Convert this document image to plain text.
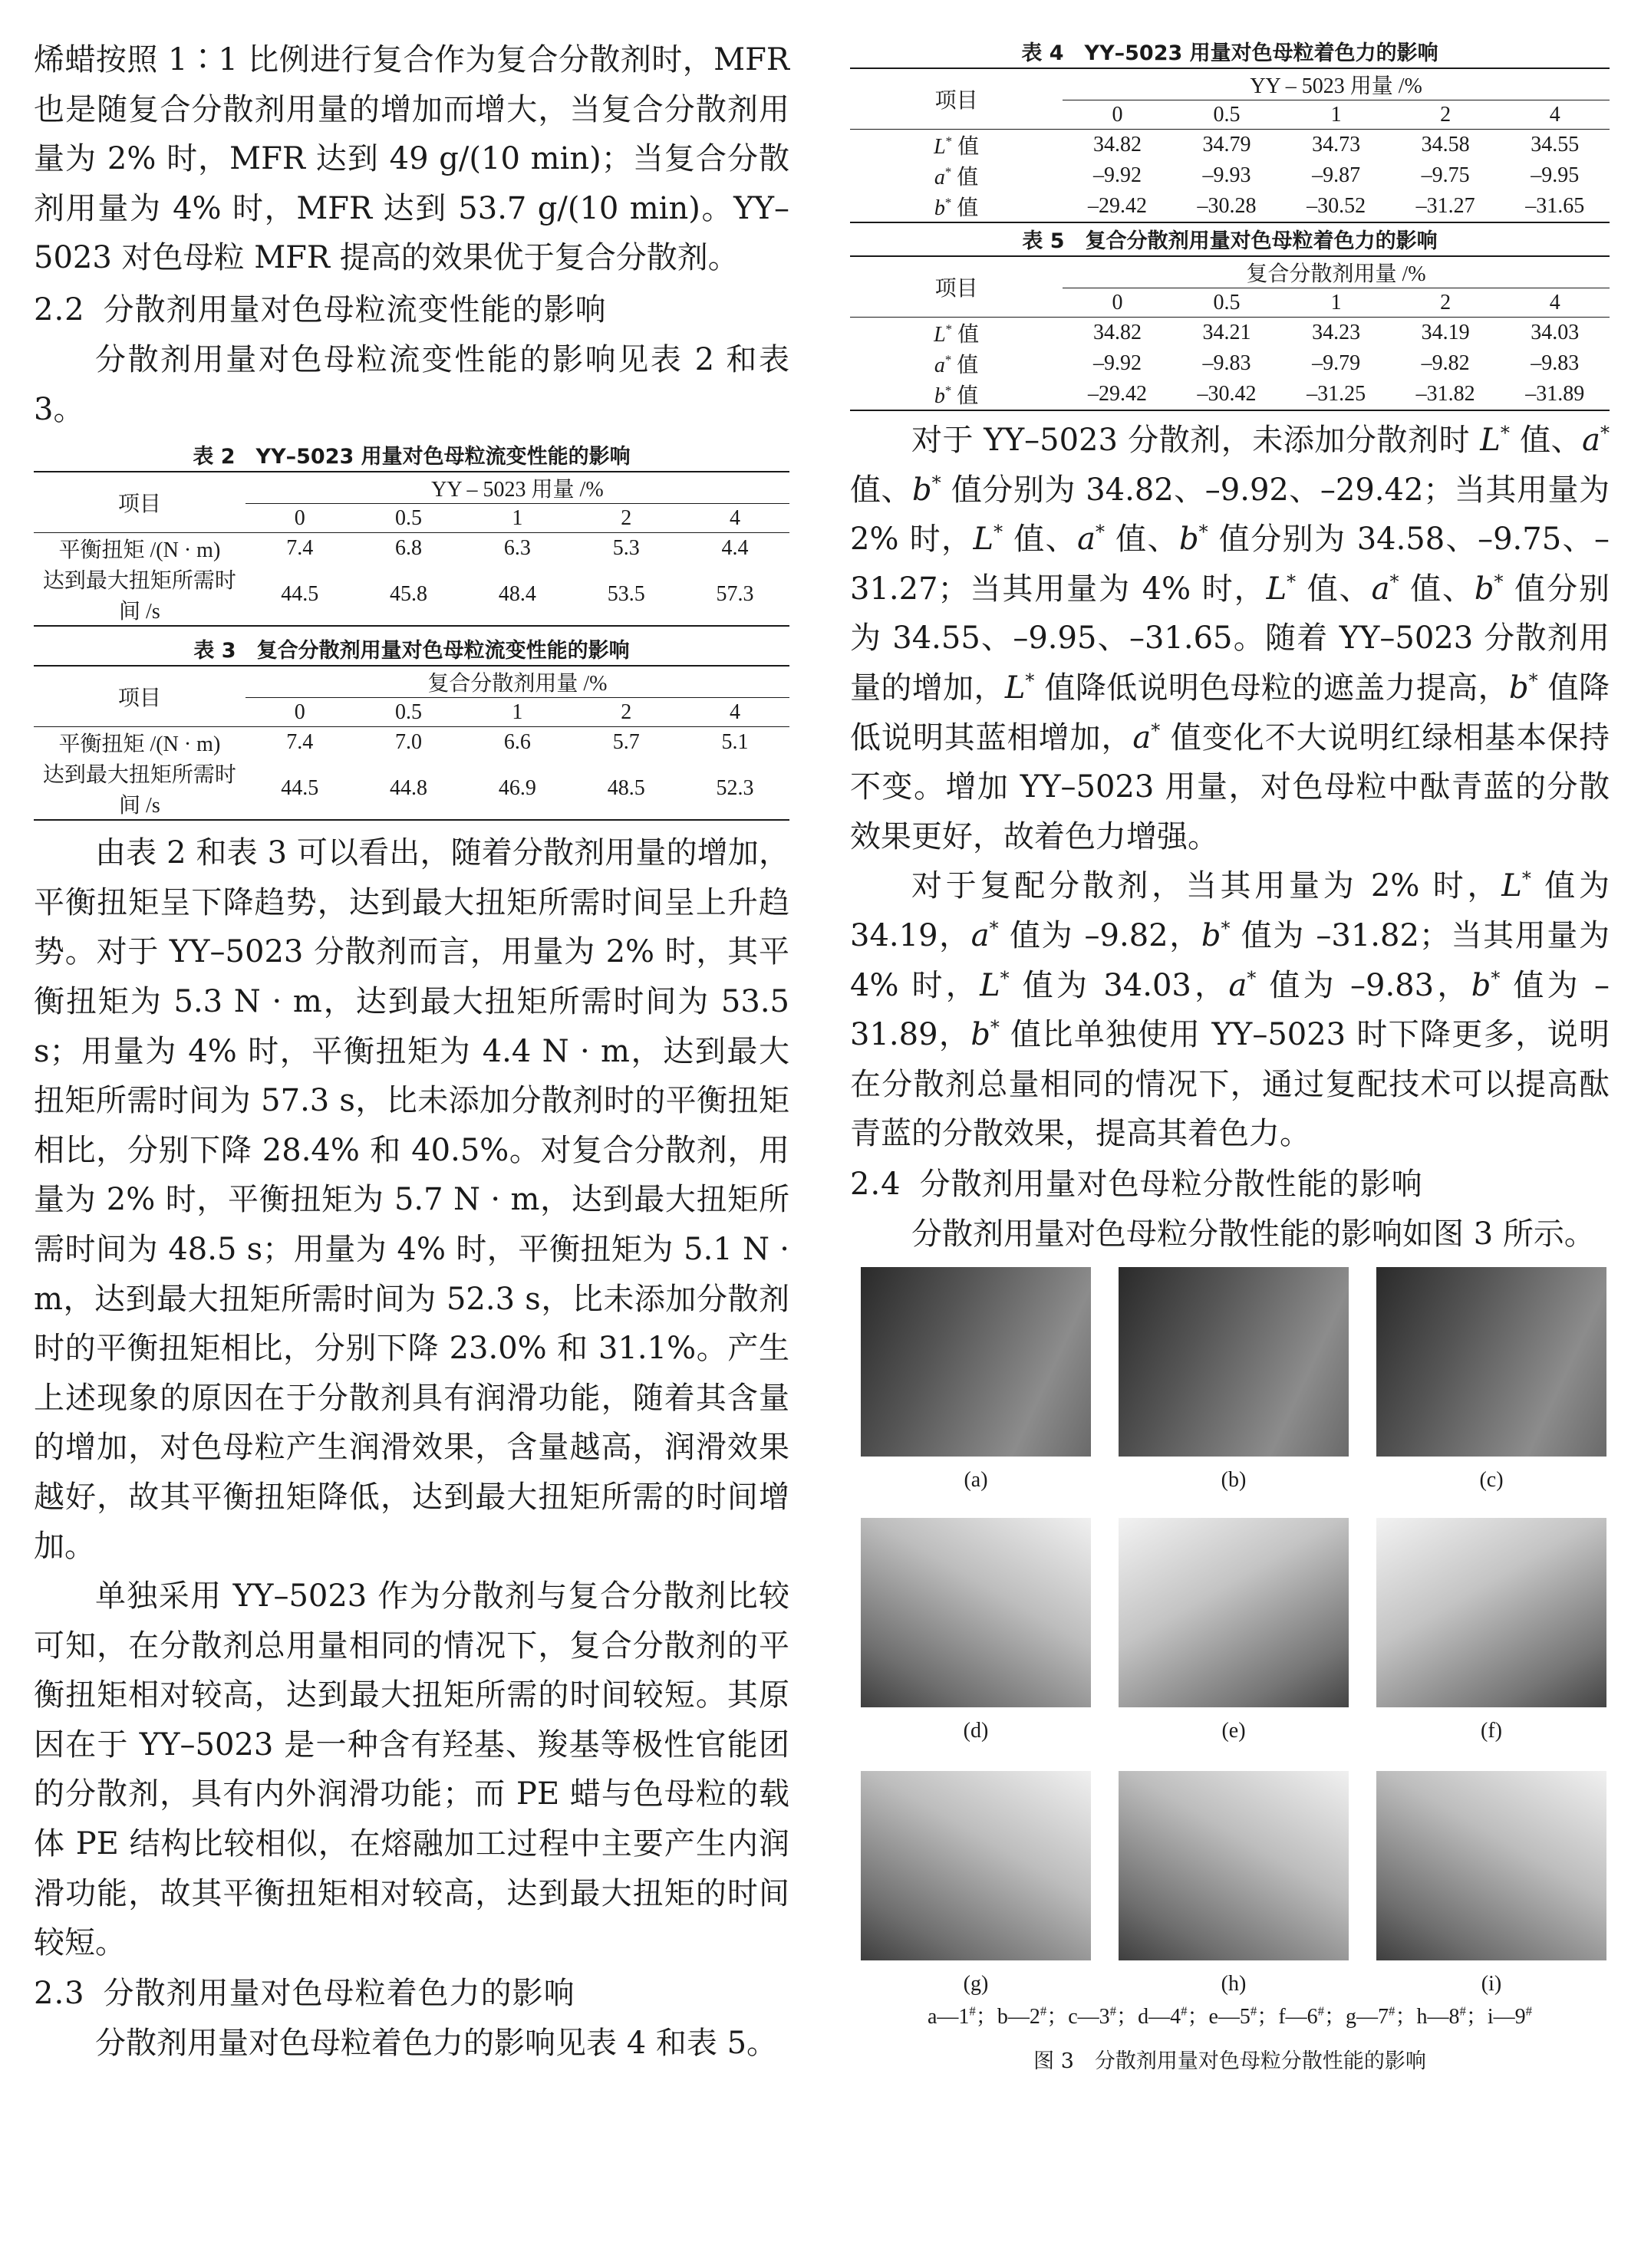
烯蜡按照 1∶1 比例进行复合作为复合分散剂时，MFR 也是随复合分散剂用量的增加而增大，当复合分散剂用量为 2% 时，MFR 达到 49 g/(10 min)；当复合分散剂用量为 4% 时，MFR 达到 53.7 g/(10 min)。YY–5023 对色母粒 MFR 提高的效果优于复合分散剂。

2.2 分散剂用量对色母粒流变性能的影响

分散剂用量对色母粒流变性能的影响见表 2 和表 3。

表 2　YY–5023 用量对色母粒流变性能的影响

项目	YY – 5023 用量 /%				
	0	0.5	1	2	4
平衡扭矩 /(N · m)	7.4	6.8	6.3	5.3	4.4
达到最大扭矩所需时间 /s	44.5	45.8	48.4	53.5	57.3

表 3　复合分散剂用量对色母粒流变性能的影响

项目	复合分散剂用量 /%				
	0	0.5	1	2	4
平衡扭矩 /(N · m)	7.4	7.0	6.6	5.7	5.1
达到最大扭矩所需时间 /s	44.5	44.8	46.9	48.5	52.3

由表 2 和表 3 可以看出，随着分散剂用量的增加，平衡扭矩呈下降趋势，达到最大扭矩所需时间呈上升趋势。对于 YY–5023 分散剂而言，用量为 2% 时，其平衡扭矩为 5.3 N · m，达到最大扭矩所需时间为 53.5 s；用量为 4% 时，平衡扭矩为 4.4 N · m，达到最大扭矩所需时间为 57.3 s，比未添加分散剂时的平衡扭矩相比，分别下降 28.4% 和 40.5%。对复合分散剂，用量为 2% 时，平衡扭矩为 5.7 N · m，达到最大扭矩所需时间为 48.5 s；用量为 4% 时，平衡扭矩为 5.1 N · m，达到最大扭矩所需时间为 52.3 s，比未添加分散剂时的平衡扭矩相比，分别下降 23.0% 和 31.1%。产生上述现象的原因在于分散剂具有润滑功能，随着其含量的增加，对色母粒产生润滑效果，含量越高，润滑效果越好，故其平衡扭矩降低，达到最大扭矩所需的时间增加。

单独采用 YY–5023 作为分散剂与复合分散剂比较可知，在分散剂总用量相同的情况下，复合分散剂的平衡扭矩相对较高，达到最大扭矩所需的时间较短。其原因在于 YY–5023 是一种含有羟基、羧基等极性官能团的分散剂，具有内外润滑功能；而 PE 蜡与色母粒的载体 PE 结构比较相似，在熔融加工过程中主要产生内润滑功能，故其平衡扭矩相对较高，达到最大扭矩的时间较短。

2.3 分散剂用量对色母粒着色力的影响

分散剂用量对色母粒着色力的影响见表 4 和表 5。

表 4　YY–5023 用量对色母粒着色力的影响

项目	YY – 5023 用量 /%				
	0	0.5	1	2	4
L* 值	34.82	34.79	34.73	34.58	34.55
a* 值	–9.92	–9.93	–9.87	–9.75	–9.95
b* 值	–29.42	–30.28	–30.52	–31.27	–31.65

表 5　复合分散剂用量对色母粒着色力的影响

项目	复合分散剂用量 /%				
	0	0.5	1	2	4
L* 值	34.82	34.21	34.23	34.19	34.03
a* 值	–9.92	–9.83	–9.79	–9.82	–9.83
b* 值	–29.42	–30.42	–31.25	–31.82	–31.89

对于 YY–5023 分散剂，未添加分散剂时 L* 值、a* 值、b* 值分别为 34.82、–9.92、–29.42；当其用量为 2% 时，L* 值、a* 值、b* 值分别为 34.58、–9.75、–31.27；当其用量为 4% 时，L* 值、a* 值、b* 值分别为 34.55、–9.95、–31.65。随着 YY–5023 分散剂用量的增加，L* 值降低说明色母粒的遮盖力提高，b* 值降低说明其蓝相增加，a* 值变化不大说明红绿相基本保持不变。增加 YY–5023 用量，对色母粒中酞青蓝的分散效果更好，故着色力增强。

对于复配分散剂，当其用量为 2% 时，L* 值为 34.19，a* 值为 –9.82，b* 值为 –31.82；当其用量为 4% 时，L* 值为 34.03，a* 值为 –9.83，b* 值为 –31.89，b* 值比单独使用 YY–5023 时下降更多，说明在分散剂总量相同的情况下，通过复配技术可以提高酞青蓝的分散效果，提高其着色力。

2.4 分散剂用量对色母粒分散性能的影响

分散剂用量对色母粒分散性能的影响如图 3 所示。

(a)	(b)	(c)
(d)	(e)	(f)
(g)	(h)	(i)
a—1#；b—2#；c—3#；d—4#；e—5#；f—6#；g—7#；h—8#；i—9#
图 3　分散剂用量对色母粒分散性能的影响
